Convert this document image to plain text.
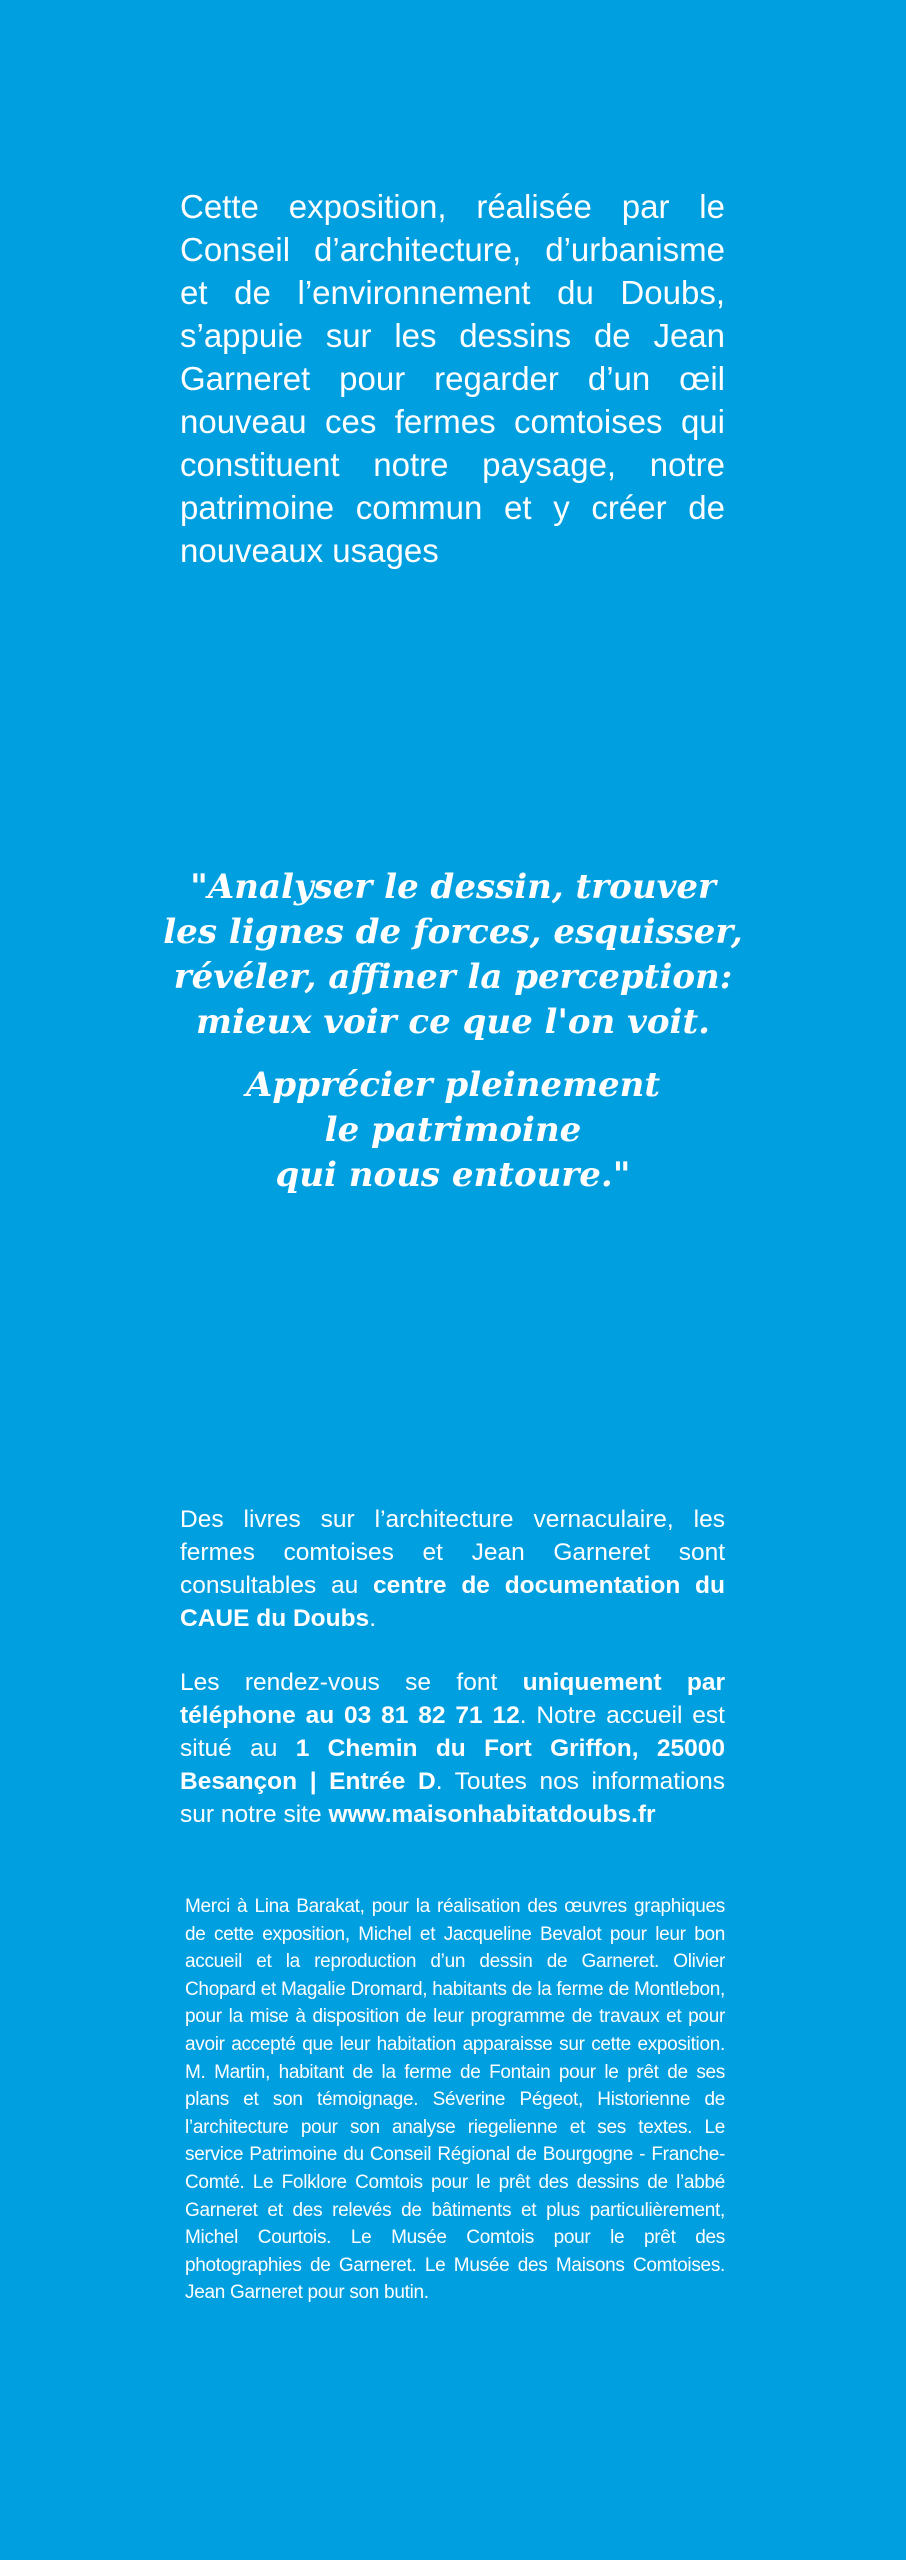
Cette exposition, réalisée par le Conseil d’architecture, d’urbanisme et de l’environnement du Doubs, s’appuie sur les dessins de Jean Garneret pour regarder d’un œil nouveau ces fermes comtoises qui constituent notre paysage, notre patrimoine commun et y créer de nouveaux usages

"Analyser le dessin, trouver
les lignes de forces, esquisser,
révéler, affiner la perception:
mieux voir ce que l'on voit.

Apprécier pleinement
le patrimoine
qui nous entoure."

Des livres sur l’architecture vernaculaire, les fermes comtoises et Jean Garneret sont consultables au centre de documentation du CAUE du Doubs.

Les rendez-vous se font uniquement par téléphone au 03 81 82 71 12. Notre accueil est situé au 1 Chemin du Fort Griffon, 25000 Besançon | Entrée D. Toutes nos informations sur notre site www.maisonhabitatdoubs.fr

Merci à Lina Barakat, pour la réalisation des œuvres graphiques de cette exposition, Michel et Jacqueline Bevalot pour leur bon accueil et la reproduction d’un dessin de Garneret. Olivier Chopard et Magalie Dromard, habitants de la ferme de Montlebon, pour la mise à disposition de leur programme de travaux et pour avoir accepté que leur habitation apparaisse sur cette exposition. M. Martin, habitant de la ferme de Fontain pour le prêt de ses plans et son témoignage. Séverine Pégeot, Historienne de l’architecture pour son analyse riegelienne et ses textes. Le service Patrimoine du Conseil Régional de Bourgogne - Franche-Comté. Le Folklore Comtois pour le prêt des dessins de l’abbé Garneret et des relevés de bâtiments et plus particulièrement, Michel Courtois. Le Musée Comtois pour le prêt des photographies de Garneret. Le Musée des Maisons Comtoises. Jean Garneret pour son butin.
